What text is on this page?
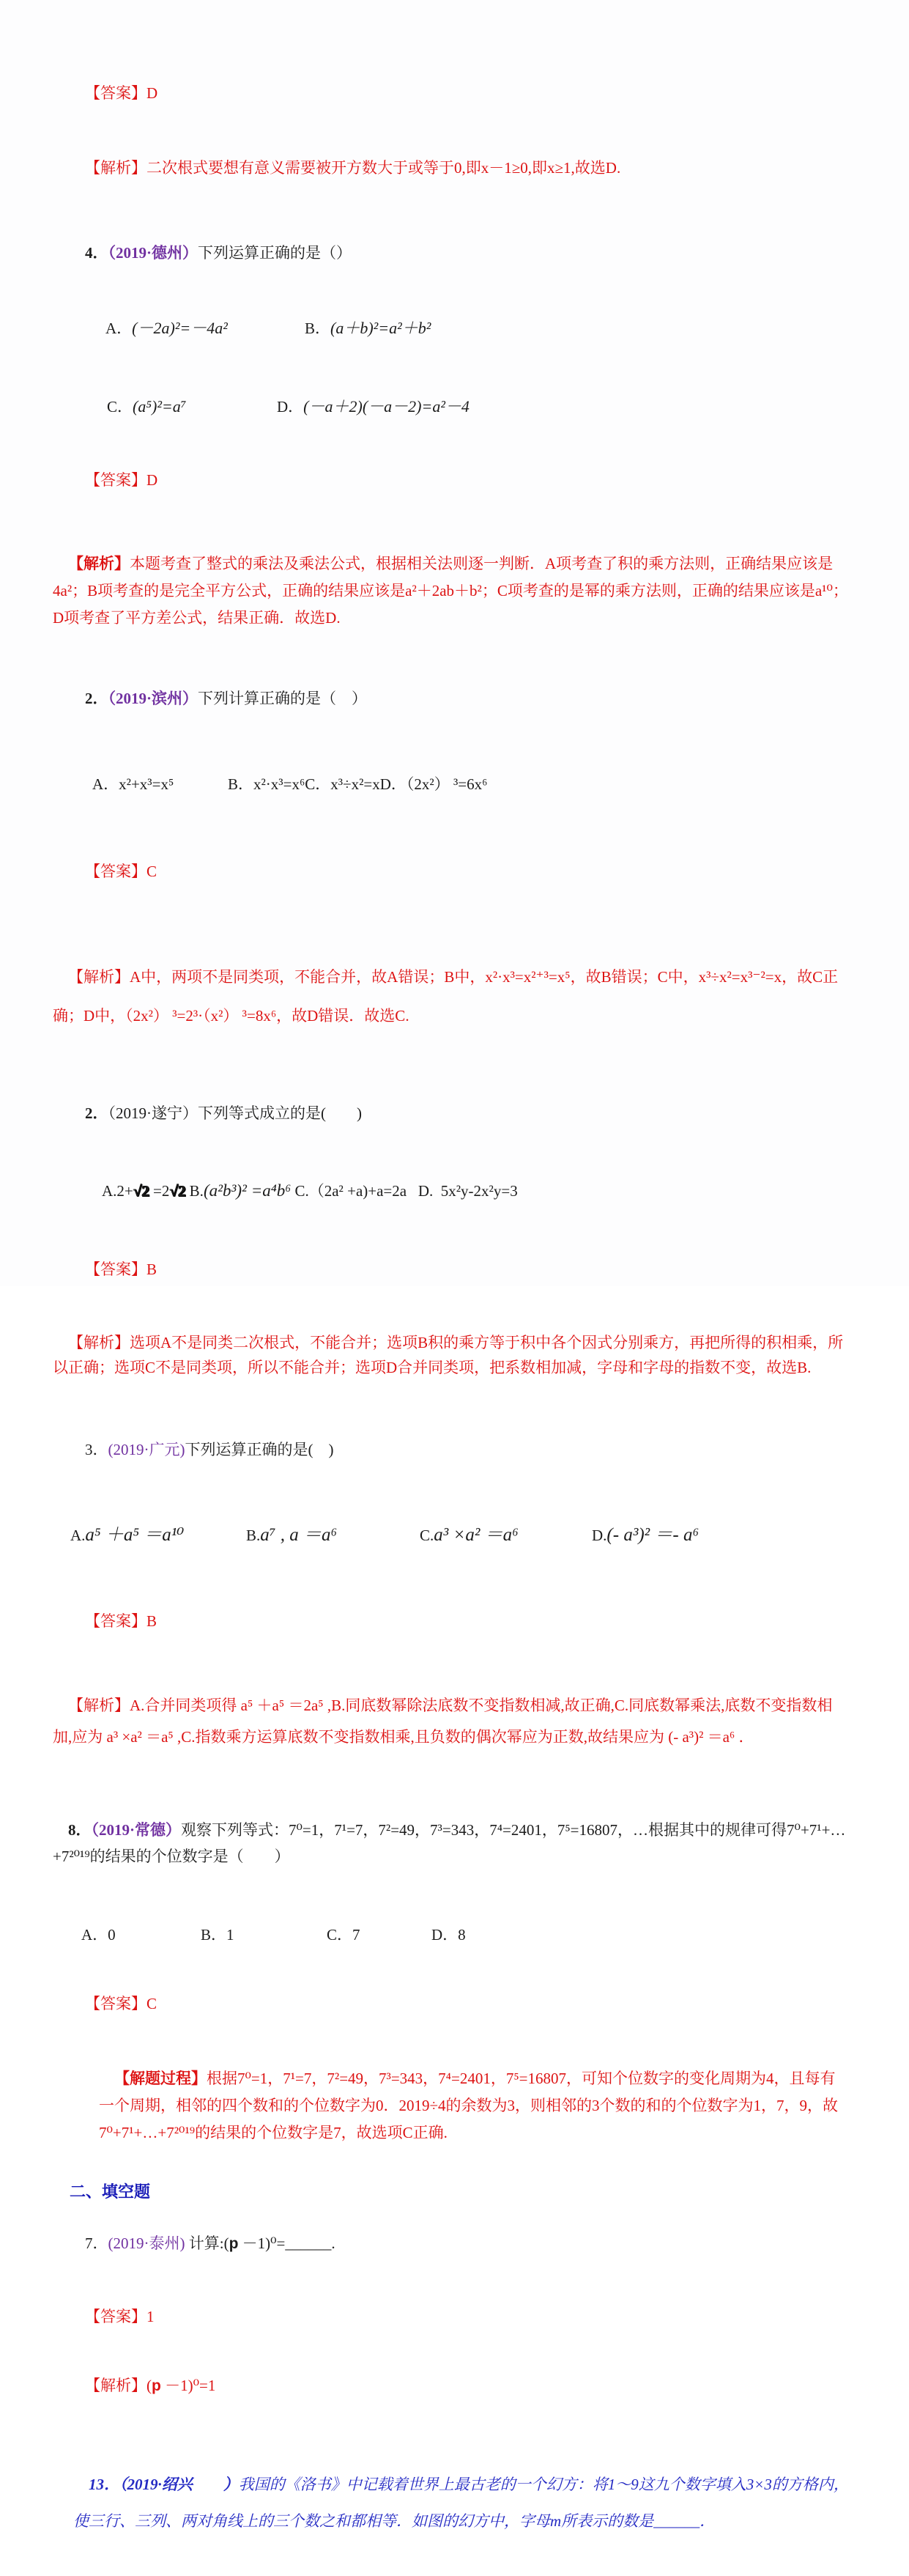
【答案】D

【解析】二次根式要想有意义需要被开方数大于或等于0,即x－1≥0,即x≥1,故选D.

4．（2019·德州）下列运算正确的是（）

A．(－2a)²=－4a²	B．(a＋b)²=a²＋b²

C．(a⁵)²=a⁷	D．(－a＋2)(－a－2)=a²－4

【答案】D

【解析】本题考查了整式的乘法及乘法公式，根据相关法则逐一判断．A项考查了积的乘方法则，正确结果应该是4a²；B项考查的是完全平方公式，正确的结果应该是a²＋2ab＋b²；C项考查的是幂的乘方法则，正确的结果应该是a¹⁰；D项考查了平方差公式，结果正确．故选D.

2．（2019·滨州）下列计算正确的是（　）

A．x²+x³=x⁵	B．x²·x³=x⁶C．x³÷x²=xD．（2x²） ³=6x⁶

【答案】C

【解析】A中，两项不是同类项，不能合并，故A错误；B中，x²·x³=x²⁺³=x⁵，故B错误；C中，x³÷x²=x³⁻²=x，故C正确；D中，（2x²） ³=2³·（x²） ³=8x⁶，故D错误．故选C.

2．（2019·遂宁）下列等式成立的是(　　)

A.2+√2 =2√2 B.(a²b³)² =a⁴b⁶ C.（2a² +a)+a=2a   D.  5x²y-2x²y=3

【答案】B

【解析】选项A不是同类二次根式，不能合并；选项B积的乘方等于积中各个因式分别乘方，再把所得的积相乘，所以正确；选项C不是同类项，所以不能合并；选项D合并同类项，把系数相加减，字母和字母的指数不变，故选B.

3．(2019·广元)下列运算正确的是(　)

A.a⁵ ＋a⁵ ＝a¹⁰	B.a⁷ , a ＝a⁶	C.a³ ×a² ＝a⁶	D.(- a³)² ＝- a⁶

【答案】B

【解析】A.合并同类项得 a⁵ ＋a⁵ ＝2a⁵ ,B.同底数幂除法底数不变指数相减,故正确,C.同底数幂乘法,底数不变指数相加,应为 a³ ×a² ＝a⁵ ,C.指数乘方运算底数不变指数相乘,且负数的偶次幂应为正数,故结果应为 (- a³)² ＝a⁶ ．

8．（2019·常德）观察下列等式：7⁰=1，7¹=7，7²=49，7³=343，7⁴=2401，7⁵=16807，…根据其中的规律可得7⁰+7¹+…+7²⁰¹⁹的结果的个位数字是（　　）

A．0	B．1	C．7	D．8

【答案】C

【解题过程】根据7⁰=1，7¹=7，7²=49，7³=343，7⁴=2401，7⁵=16807，可知个位数字的变化周期为4，且每有一个周期，相邻的四个数和的个位数字为0．2019÷4的余数为3，则相邻的3个数的和的个位数字为1，7，9，故7⁰+7¹+…+7²⁰¹⁹的结果的个位数字是7，故选项C正确.

二、填空题

7．(2019·泰州) 计算:(p －1)⁰=______.

【答案】1

【解析】(p －1)⁰=1

13．（2019·绍兴　　）我国的《洛书》中记载着世界上最古老的一个幻方：将1～9这九个数字填入3×3的方格内，使三行、三列、两对角线上的三个数之和都相等．如图的幻方中，字母m所表示的数是______．
